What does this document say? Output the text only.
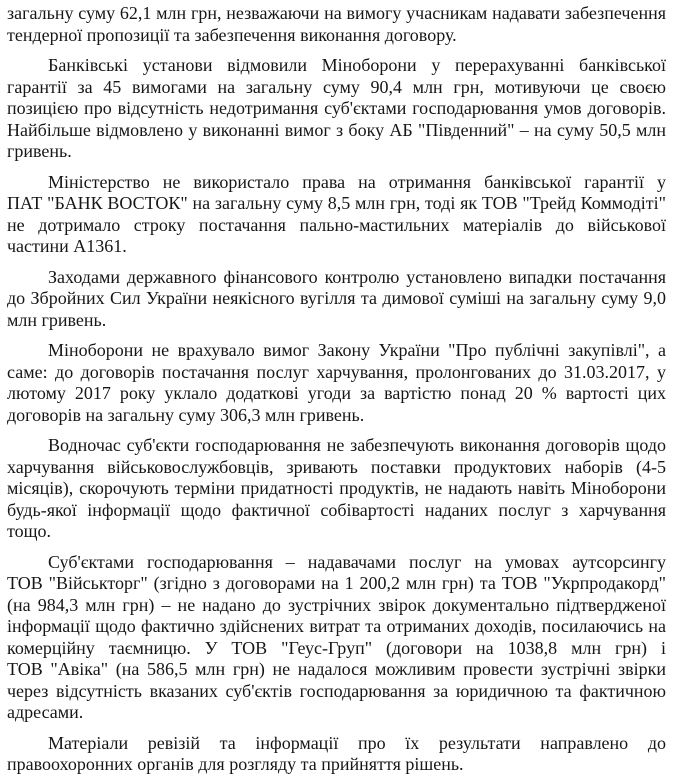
загальну суму 62,1 млн грн, незважаючи на вимогу учасникам надавати забезпечення тендерної пропозиції та забезпечення виконання договору.

Банківські установи відмовили Міноборони у перерахуванні банківської гарантії за 45 вимогами на загальну суму 90,4 млн грн, мотивуючи це своєю позицією про відсутність недотримання суб'єктами господарювання умов договорів. Найбільше відмовлено у виконанні вимог з боку АБ "Південний" – на суму 50,5 млн гривень.

Міністерство не використало права на отримання банківської гарантії у ПАТ "БАНК ВОСТОК" на загальну суму 8,5 млн грн, тоді як ТОВ "Трейд Коммодіті" не дотримало строку постачання пально-мастильних матеріалів до військової частини А1361.

Заходами державного фінансового контролю установлено випадки постачання до Збройних Сил України неякісного вугілля та димової суміші на загальну суму 9,0 млн гривень.

Міноборони не врахувало вимог Закону України "Про публічні закупівлі", а саме: до договорів постачання послуг харчування, пролонгованих до 31.03.2017, у лютому 2017 року уклало додаткові угоди за вартістю понад 20 % вартості цих договорів на загальну суму 306,3 млн гривень.

Водночас суб'єкти господарювання не забезпечують виконання договорів щодо харчування військовослужбовців, зривають поставки продуктових наборів (4-5 місяців), скорочують терміни придатності продуктів, не надають навіть Міноборони будь-якої інформації щодо фактичної собівартості наданих послуг з харчування тощо.

Суб'єктами господарювання – надавачами послуг на умовах аутсорсингу ТОВ "Військторг" (згідно з договорами на 1 200,2 млн грн) та ТОВ "Укрпродакорд" (на 984,3 млн грн) – не надано до зустрічних звірок документально підтвердженої інформації щодо фактично здійснених витрат та отриманих доходів, посилаючись на комерційну таємницю. У ТОВ "Геус-Груп" (договори на 1038,8 млн грн) і ТОВ "Авіка" (на 586,5 млн грн) не надалося можливим провести зустрічні звірки через відсутність вказаних суб'єктів господарювання за юридичною та фактичною адресами.

Матеріали ревізій та інформації про їх результати направлено до правоохоронних органів для розгляду та прийняття рішень.
